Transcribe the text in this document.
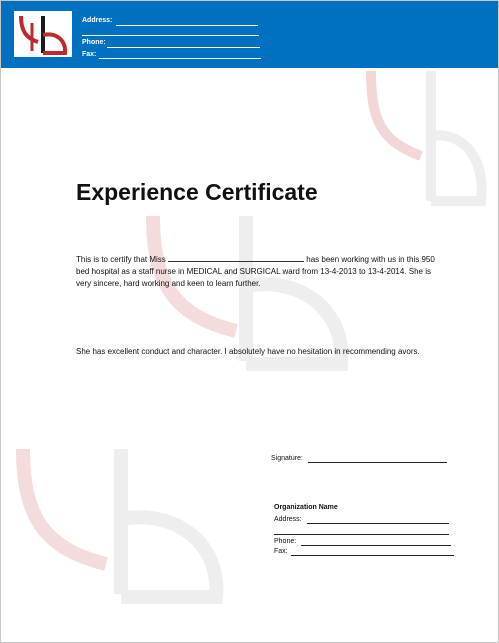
Address:
Phone:
Fax:
Experience Certificate
This is to certify that Miss	has been working with us in this 950 bed hospital as a staff nurse in MEDICAL and SURGICAL ward from 13-4-2013 to 13-4-2014. She is very sincere, hard working and keen to learn further.
She has excellent conduct and character. I absolutely have no hesitation in recommending avors.
Signature:
Organization Name
Address:
Phone:
Fax:
